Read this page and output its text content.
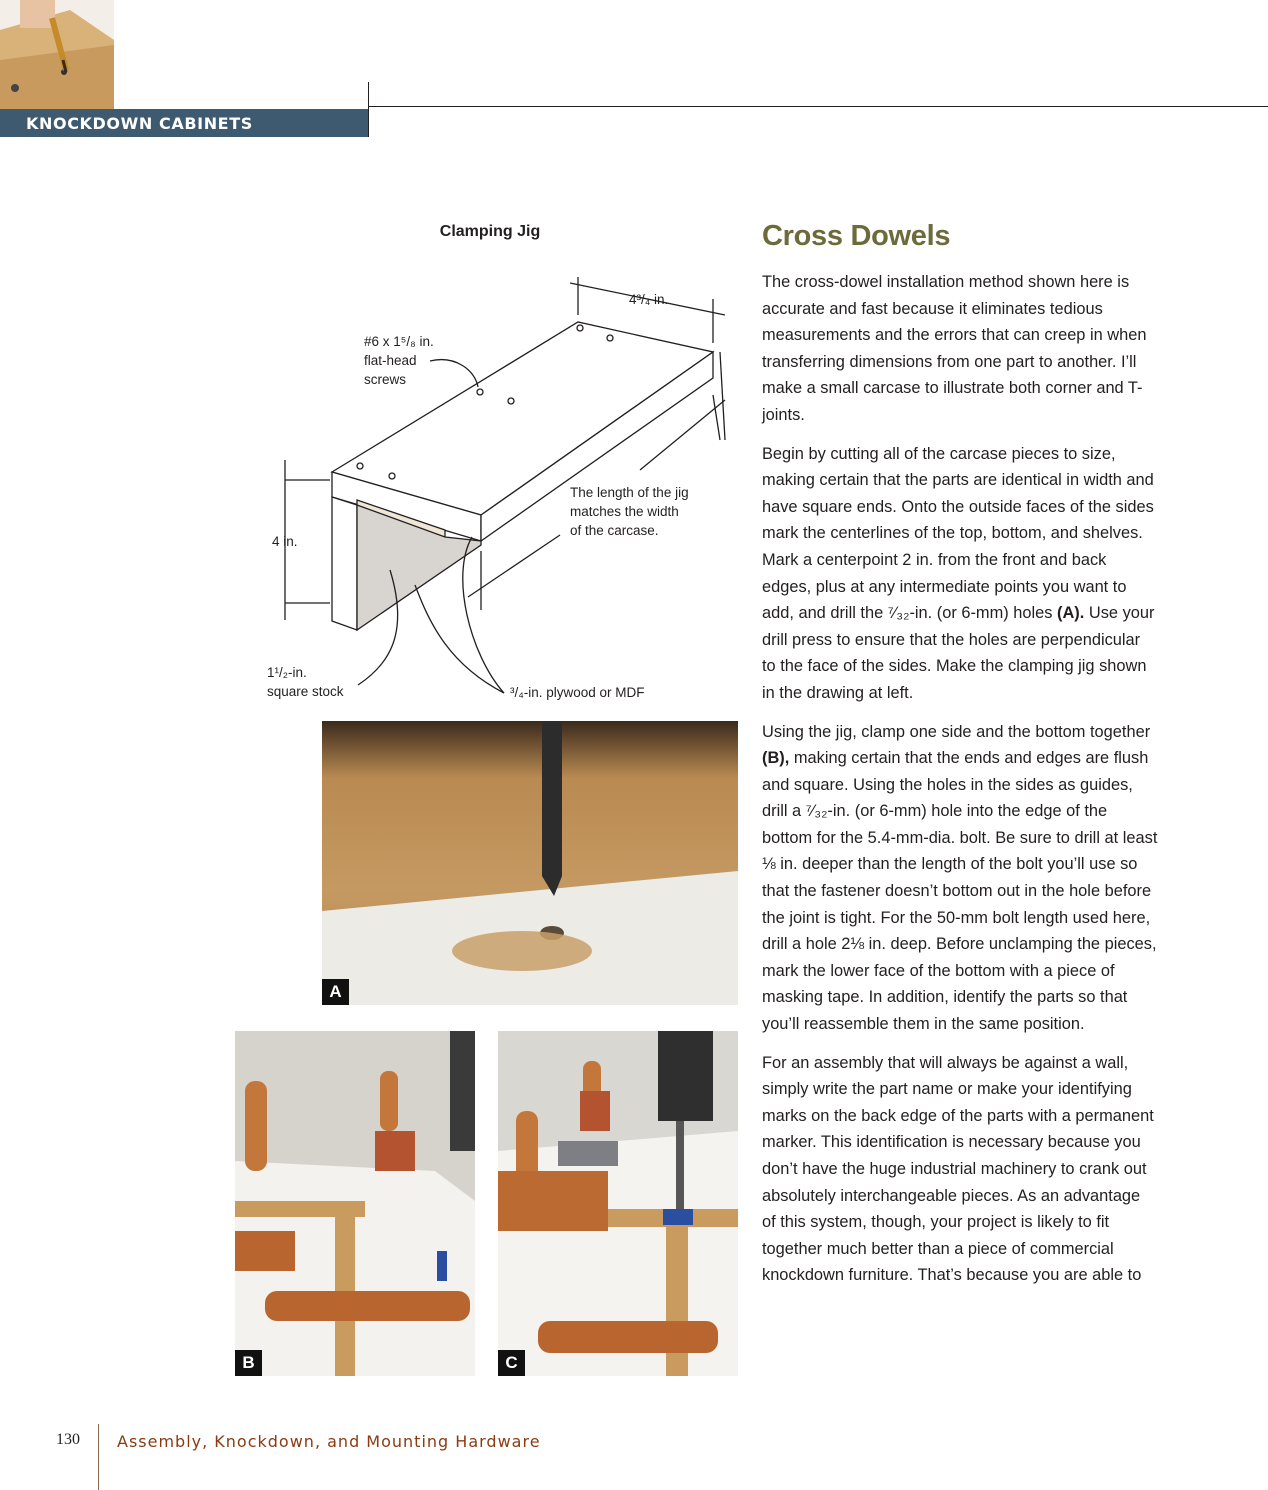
KNOCKDOWN CABINETS
Clamping Jig
4³/₄ in.
#6 x 1⁵/₈ in.
flat-head
screws
4 in.
The length of the jig
matches the width
of the carcase.
1¹/₂-in.
square stock	³/₄-in. plywood or MDF
A
B	C
Cross Dowels

The cross-dowel installation method shown here is accurate and fast because it eliminates tedious measurements and the errors that can creep in when transferring dimensions from one part to another. I’ll make a small carcase to illustrate both corner and T-joints.

Begin by cutting all of the carcase pieces to size, making certain that the parts are identical in width and have square ends. Onto the outside faces of the sides mark the centerlines of the top, bottom, and shelves. Mark a centerpoint 2 in. from the front and back edges, plus at any intermediate points you want to add, and drill the ⁷⁄₃₂-in. (or 6-mm) holes (A). Use your drill press to ensure that the holes are perpendicular to the face of the sides. Make the clamping jig shown in the drawing at left.

Using the jig, clamp one side and the bottom together (B), making certain that the ends and edges are flush and square. Using the holes in the sides as guides, drill a ⁷⁄₃₂-in. (or 6-mm) hole into the edge of the bottom for the 5.4-mm-dia. bolt. Be sure to drill at least ⅛ in. deeper than the length of the bolt you’ll use so that the fastener doesn’t bottom out in the hole before the joint is tight. For the 50-mm bolt length used here, drill a hole 2⅛ in. deep. Before unclamping the pieces, mark the lower face of the bottom with a piece of masking tape. In addition, identify the parts so that you’ll reassemble them in the same position.

For an assembly that will always be against a wall, simply write the part name or make your identifying marks on the back edge of the parts with a permanent marker. This identification is necessary because you don’t have the huge industrial machinery to crank out absolutely interchangeable pieces. As an advantage of this system, though, your project is likely to fit together much better than a piece of commercial knockdown furniture. That’s because you are able to

130 Assembly, Knockdown, and Mounting Hardware
